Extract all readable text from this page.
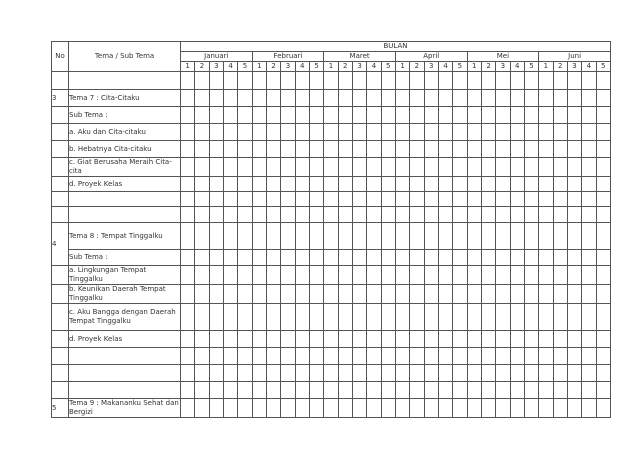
No	Tema / Sub Tema	BULAN																													
		Januari					Februari					Maret					April					Mei					Juni				
		1	2	3	4	5	1	2	3	4	5	1	2	3	4	5	1	2	3	4	5	1	2	3	4	5	1	2	3	4	5

3	Tema 7 : Cita-Citaku																														
	Sub Tema :																														
	a. Aku dan Cita-citaku																														
	b. Hebatnya Cita-citaku																														
	c. Giat Berusaha Meraih Cita-cita																														
	d. Proyek Kelas																														

4	Tema 8 : Tempat Tinggalku																														
	Sub Tema :																														
	a. Lingkungan Tempat Tinggalku																														
	b. Keunikan Daerah Tempat Tinggalku																														
	c. Aku Bangga dengan Daerah Tempat Tinggalku																														
	d. Proyek Kelas																														

5	Tema 9 : Makananku Sehat dan Bergizi																														
